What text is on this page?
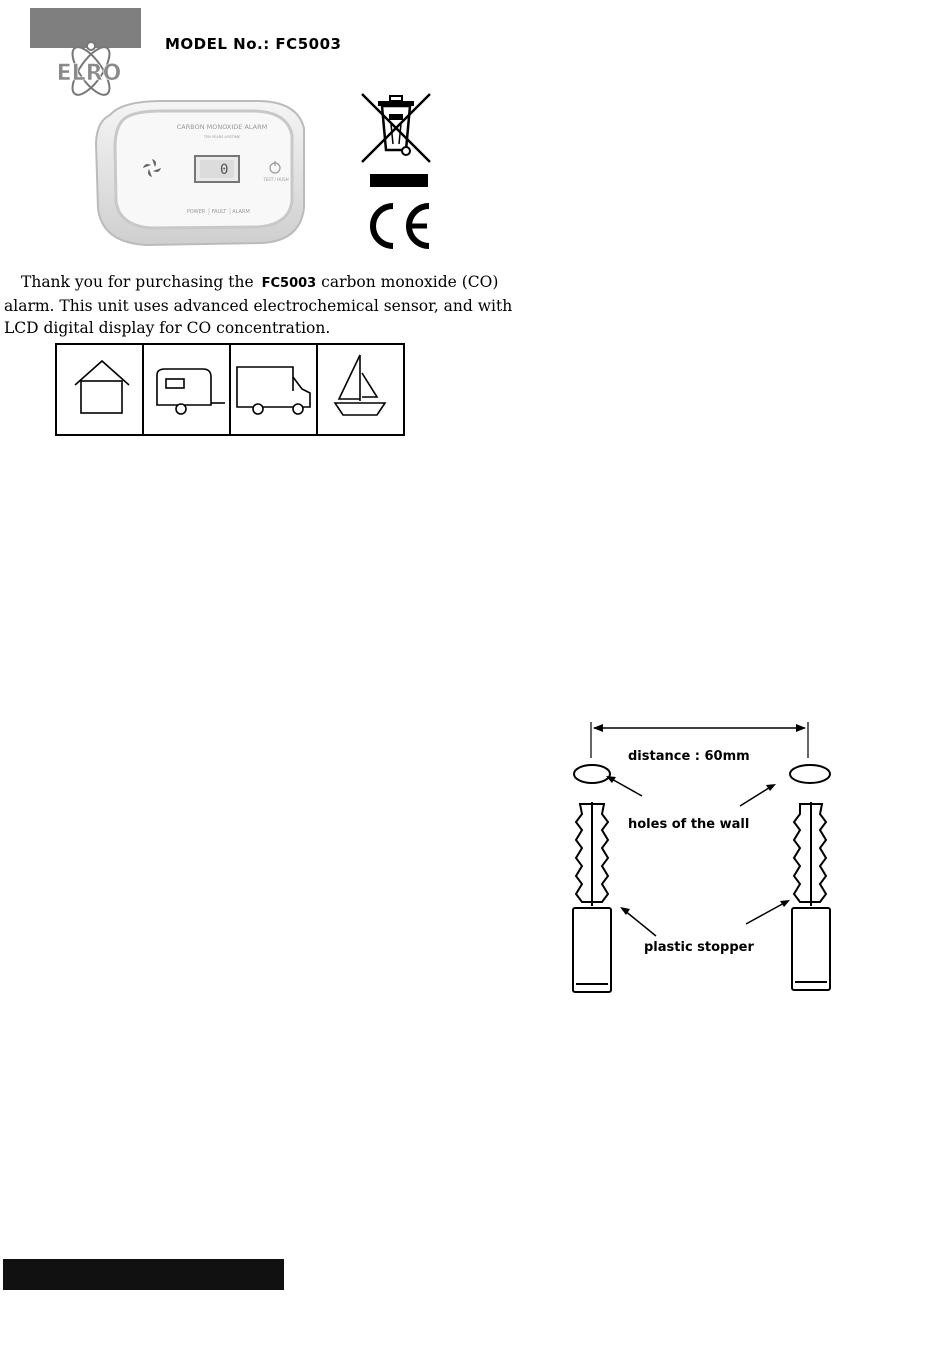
ELRO
MODEL No.: FC5003
CARBON MONOXIDE ALARM
TEN YEARS LIFETIME
0
TEST / HUSH
POWER FAULT ALARM

Thank you for purchasing the FC5003 carbon monoxide (CO)

alarm. This unit uses advanced electrochemical sensor, and with

LCD digital display for CO concentration.

distance : 60mm
holes of the wall
plastic stopper
